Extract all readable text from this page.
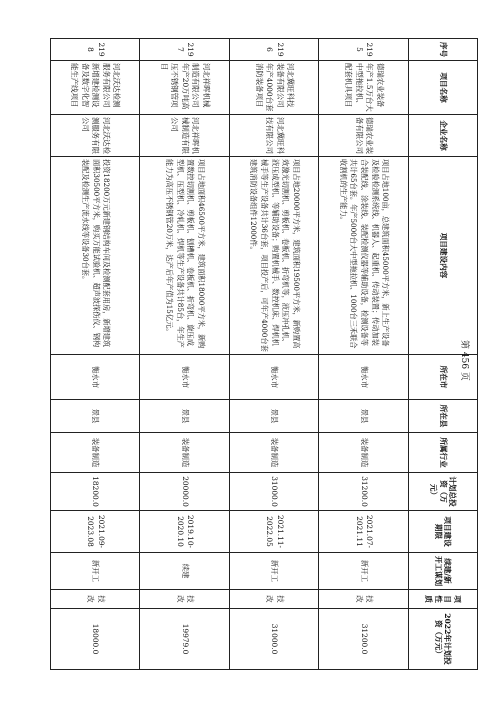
序号	项目名称	企业名称	项目建设内容	所在市	所在县	所属行业	计划总投资（万元）	项目建设期限	续建/新开工谋划	项目性质	2022年计划投资（万元）
2195	德瑞农业装备年产1.5万台大中型拖拉机、配套机具项目	德瑞农业装备有限公司	项目占地100亩，总建筑面积45000平方米，新上生产设备及检验检测系统线、机器人、起重机、传动装置；传动加装合装配线、涂装线、装配检测仪器等辅助设备，检测设备等共计65台套。年产5000台大中型拖拉机、1000台三禾联合收割机的生产能力。	衡水市	景县	装备制造	31200.0	2021.07-2021.11	新开工	技改	31200.0
2196	河北冀旺科技装备有限公司年产4000台套消防装备项目	河北冀旺科技有限公司	项目占地20000平方米，建筑面积19500平方米，新购置高效激光切割机、剪板机、卷板机、折弯机等，液压冲孔机、液压成型机、等辅助设备；购置机械手、数控机床、焊机机械手等生产设备共计36台套，项目投产后，可年产4000台套建筑消防设备组件12000件。	衡水市	景县	装备制造	31000.0	2021.11-2022.05	新开工	技改	31000.0
2197	河北祥晖机械制造有限公司年产20万吨高压不锈钢管项目	河北祥晖机械制造有限公司	项目占地面积46500平方米，建筑面积18000平方米，新购置数控切割机、剪板机、刨槽机、卷板机、折弯机、旋压成型机、压型机、冷轧机、焊机等生产设备共计85台，年生产能力为高压不锈钢管20万米，达产后年产值为15亿元。	衡水市	景县	装备制造	20000.0	2019.10-2020.10	续建	技改	19979.0
2198	河北沃达检测服务有限公司新增建检测设备及数字化智能生产线项目	河北沃达检测服务有限公司	投资18200万元新建钢结构车间及检测配套用房，新增建筑面积30500平方米，购买万能试验机、超声波探伤仪、钢构装配及检测生产流水线等设备30台套。	衡水市	景县	装备制造	18200.0	2021.09-2023.08	新开工	技改	18000.0
第 456 页
